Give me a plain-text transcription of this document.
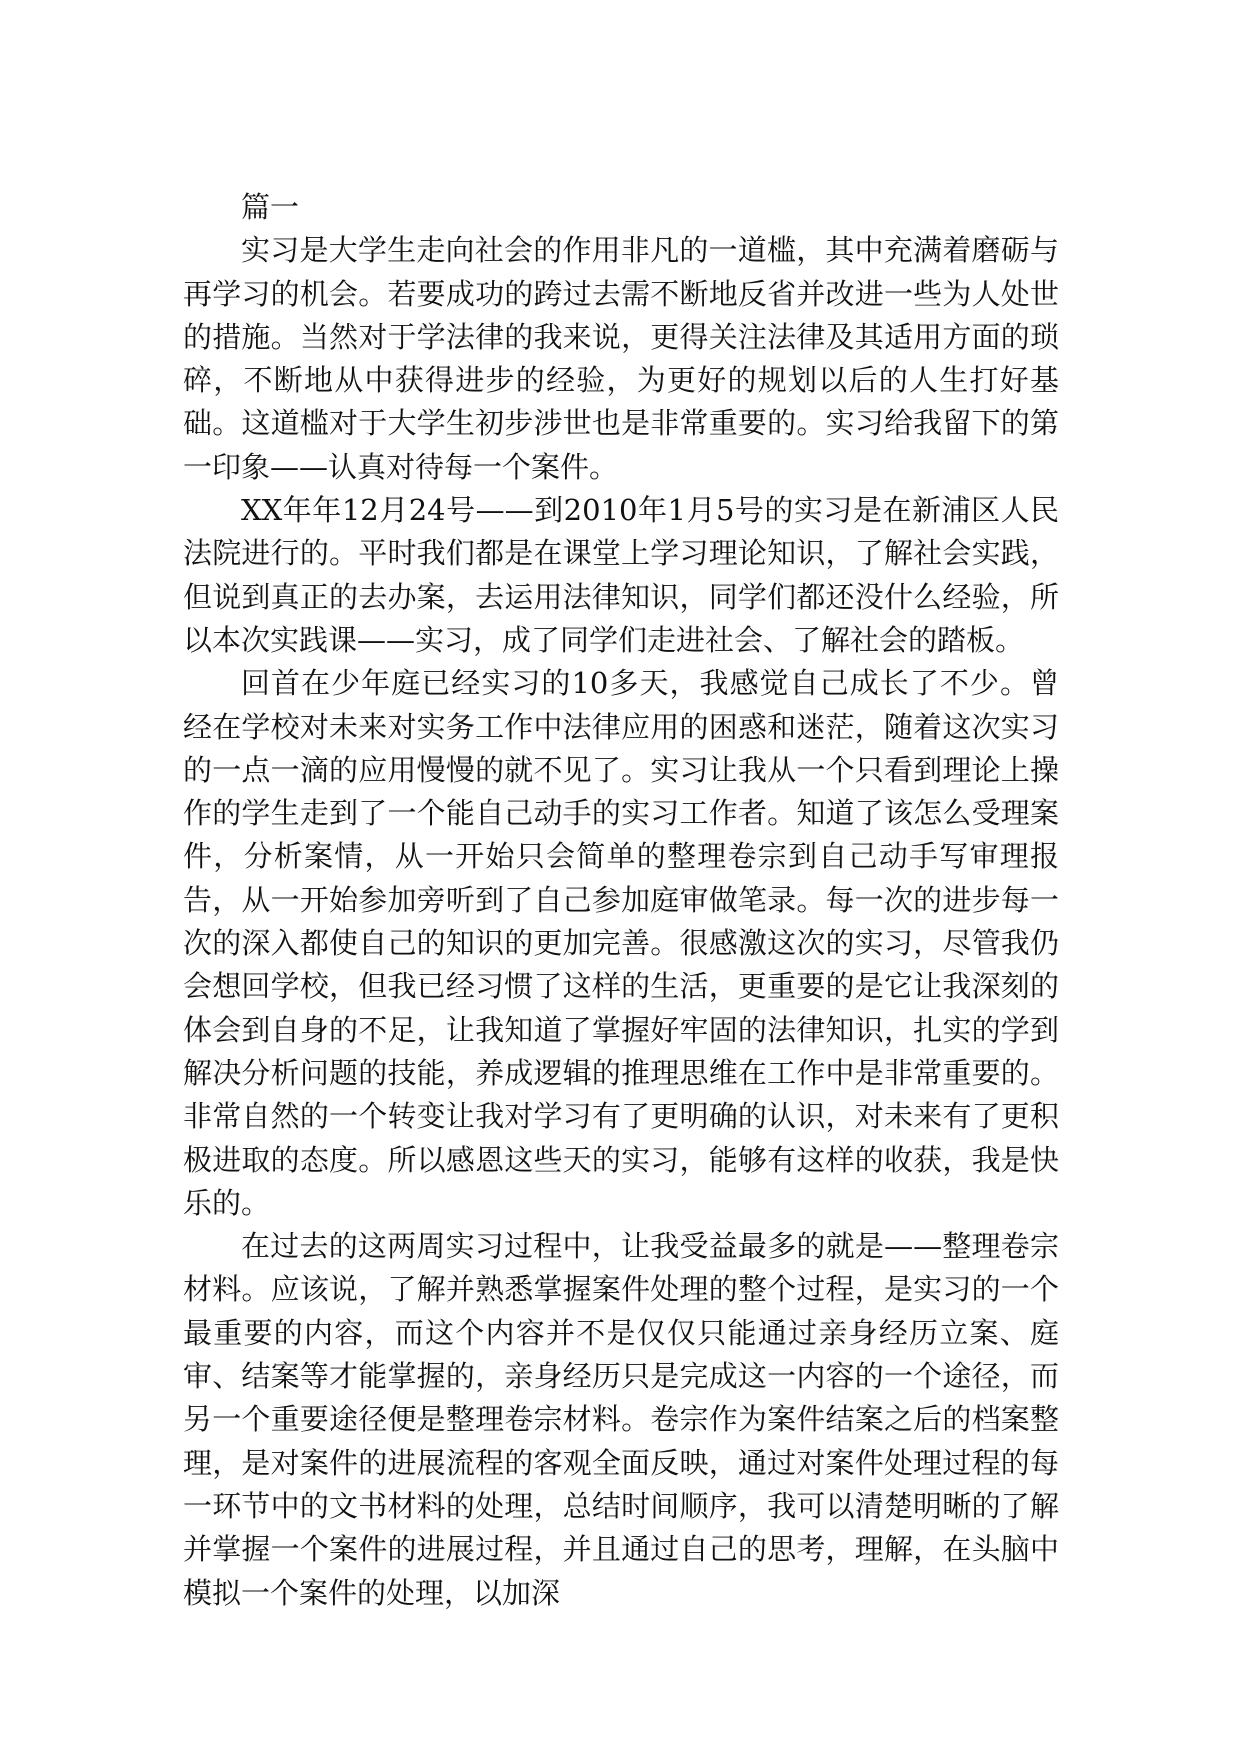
篇一

实习是大学生走向社会的作用非凡的一道槛，其中充满着磨砺与再学习的机会。若要成功的跨过去需不断地反省并改进一些为人处世的措施。当然对于学法律的我来说，更得关注法律及其适用方面的琐碎，不断地从中获得进步的经验，为更好的规划以后的人生打好基础。这道槛对于大学生初步涉世也是非常重要的。实习给我留下的第一印象——认真对待每一个案件。

XX年年12月24号——到2010年1月5号的实习是在新浦区人民法院进行的。平时我们都是在课堂上学习理论知识，了解社会实践，但说到真正的去办案，去运用法律知识，同学们都还没什么经验，所以本次实践课——实习，成了同学们走进社会、了解社会的踏板。

回首在少年庭已经实习的10多天，我感觉自己成长了不少。曾经在学校对未来对实务工作中法律应用的困惑和迷茫，随着这次实习的一点一滴的应用慢慢的就不见了。实习让我从一个只看到理论上操作的学生走到了一个能自己动手的实习工作者。知道了该怎么受理案件，分析案情，从一开始只会简单的整理卷宗到自己动手写审理报告，从一开始参加旁听到了自己参加庭审做笔录。每一次的进步每一次的深入都使自己的知识的更加完善。很感激这次的实习，尽管我仍会想回学校，但我已经习惯了这样的生活，更重要的是它让我深刻的体会到自身的不足，让我知道了掌握好牢固的法律知识，扎实的学到解决分析问题的技能，养成逻辑的推理思维在工作中是非常重要的。非常自然的一个转变让我对学习有了更明确的认识，对未来有了更积极进取的态度。所以感恩这些天的实习，能够有这样的收获，我是快乐的。

在过去的这两周实习过程中，让我受益最多的就是——整理卷宗材料。应该说，了解并熟悉掌握案件处理的整个过程，是实习的一个最重要的内容，而这个内容并不是仅仅只能通过亲身经历立案、庭审、结案等才能掌握的，亲身经历只是完成这一内容的一个途径，而另一个重要途径便是整理卷宗材料。卷宗作为案件结案之后的档案整理，是对案件的进展流程的客观全面反映，通过对案件处理过程的每一环节中的文书材料的处理，总结时间顺序，我可以清楚明晰的了解并掌握一个案件的进展过程，并且通过自己的思考，理解，在头脑中模拟一个案件的处理，以加深
